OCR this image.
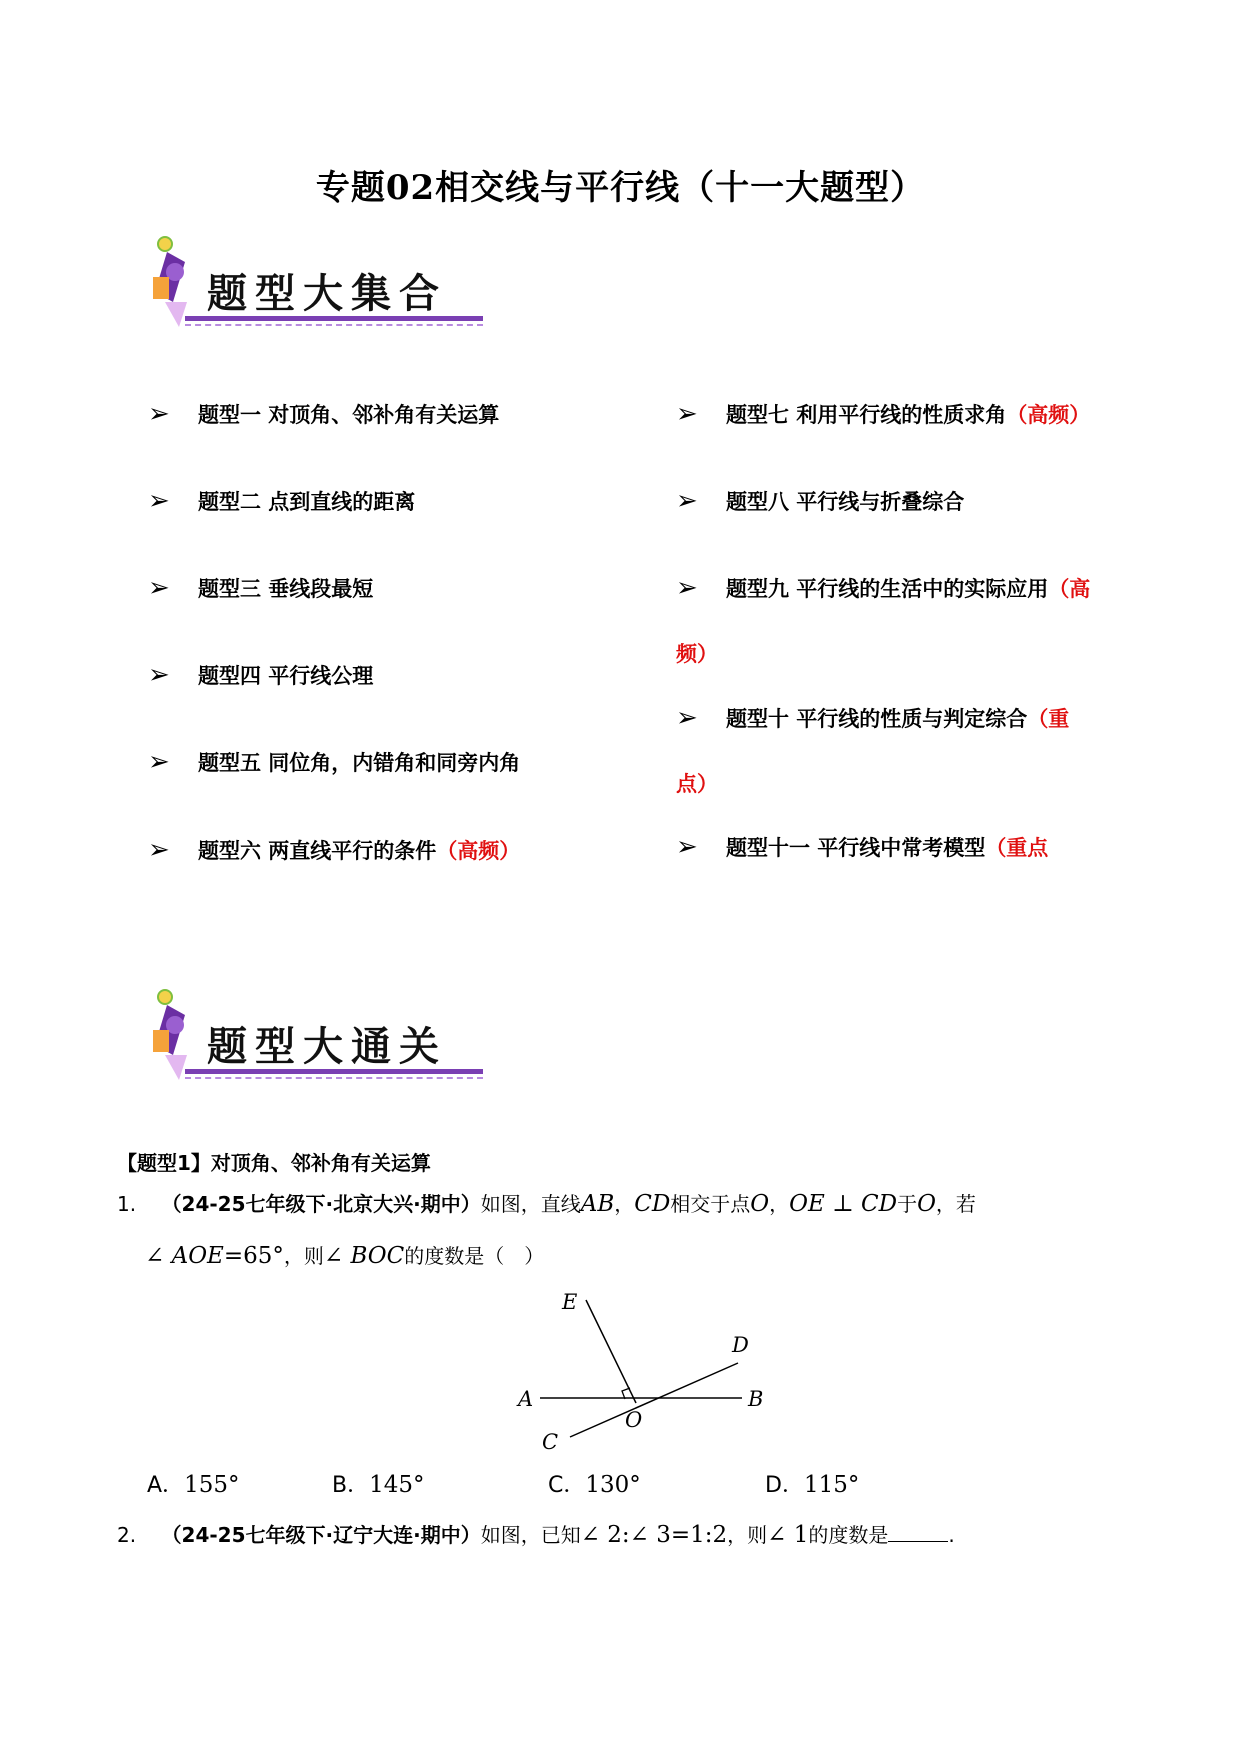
专题02相交线与平行线（十一大题型）
题型大集合
➢ 题型一 对顶角、邻补角有关运算
➢ 题型二 点到直线的距离
➢ 题型三 垂线段最短
➢ 题型四 平行线公理
➢ 题型五 同位角，内错角和同旁内角
➢ 题型六 两直线平行的条件（高频）
➢ 题型七 利用平行线的性质求角（高频）
➢ 题型八 平行线与折叠综合
➢ 题型九 平行线的生活中的实际应用（高
频）
➢ 题型十 平行线的性质与判定综合（重
点）
➢ 题型十一 平行线中常考模型（重点
题型大通关
【题型1】对顶角、邻补角有关运算
1. （24-25七年级下·北京大兴·期中）如图，直线AB，CD相交于点O，OE ⊥ CD于O，若
∠ AOE=65°，则∠ BOC的度数是（　）
A	B
C
D
E
O
A．155°	B．145°	C．130°	D．115°
2. （24-25七年级下·辽宁大连·期中）如图，已知∠ 2:∠ 3=1:2，则∠ 1的度数是	.
